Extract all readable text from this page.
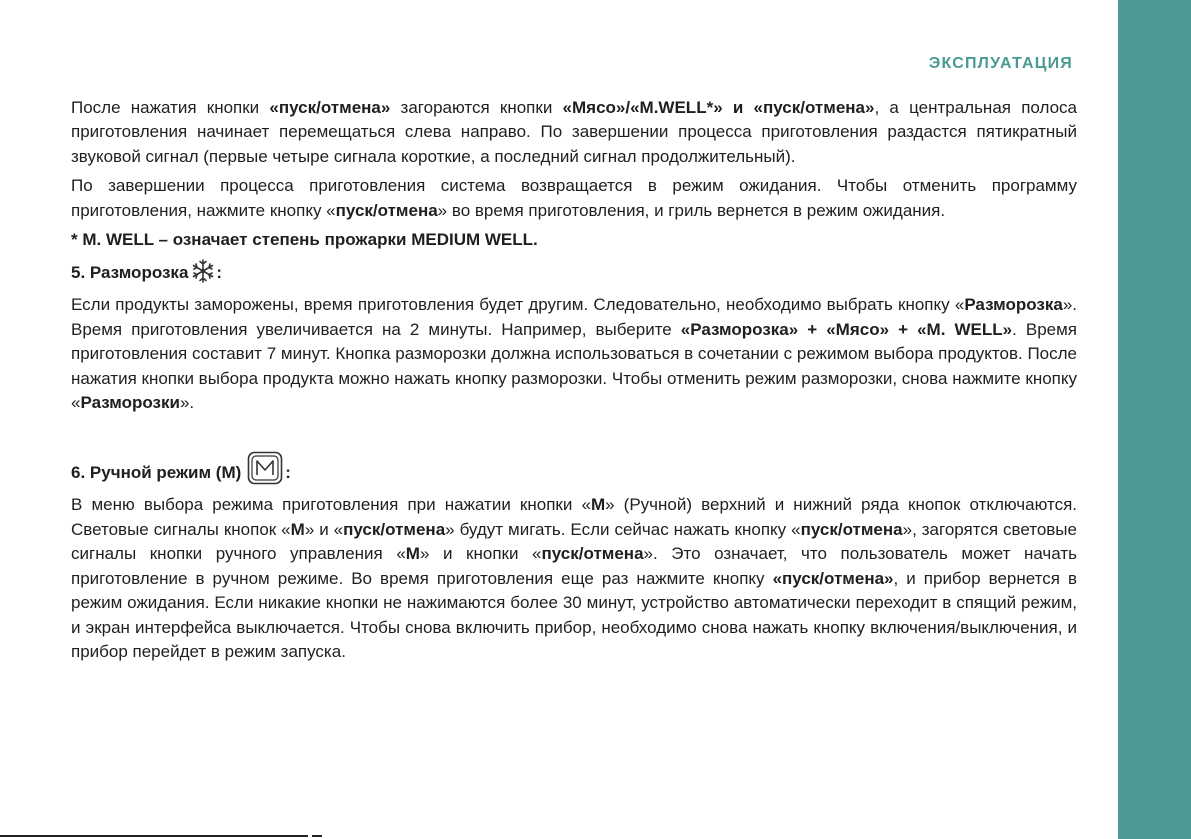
ЭКСПЛУАТАЦИЯ

После нажатия кнопки «пуск/отмена» загораются кнопки «Мясо»/«M.WELL*» и «пуск/отмена», а центральная полоса приготовления начинает перемещаться слева направо. По завершении процесса приготовления раздастся пятикратный звуковой сигнал (первые четыре сигнала короткие, а последний сигнал продолжительный).

По завершении процесса приготовления система возвращается в режим ожидания. Чтобы отменить программу приготовления, нажмите кнопку «пуск/отмена» во время приготовления, и гриль вернется в режим ожидания.

* M. WELL – означает степень прожарки MEDIUM WELL.

5. Разморозка :

Если продукты заморожены, время приготовления будет другим. Следовательно, необходимо выбрать кнопку «Разморозка». Время приготовления увеличивается на 2 минуты. Например, выберите «Разморозка» + «Мясо» + «M. WELL». Время приготовления составит 7 минут. Кнопка разморозки должна использоваться в сочетании с режимом выбора продуктов. После нажатия кнопки выбора продукта можно нажать кнопку разморозки. Чтобы отменить режим разморозки, снова нажмите кнопку «Разморозки».

6. Ручной режим (M)	:

В меню выбора режима приготовления при нажатии кнопки «M» (Ручной) верхний и нижний ряда кнопок отключаются. Световые сигналы кнопок «M» и «пуск/отмена» будут мигать. Если сейчас нажать кнопку «пуск/отмена», загорятся световые сигналы кнопки ручного управления «M» и кнопки «пуск/отмена». Это означает, что пользователь может начать приготовление в ручном режиме. Во время приготовления еще раз нажмите кнопку «пуск/отмена», и прибор вернется в режим ожидания. Если никакие кнопки не нажимаются более 30 минут, устройство автоматически переходит в спящий режим, и экран интерфейса выключается. Чтобы снова включить прибор, необходимо снова нажать кнопку включения/выключения, и прибор перейдет в режим запуска.
